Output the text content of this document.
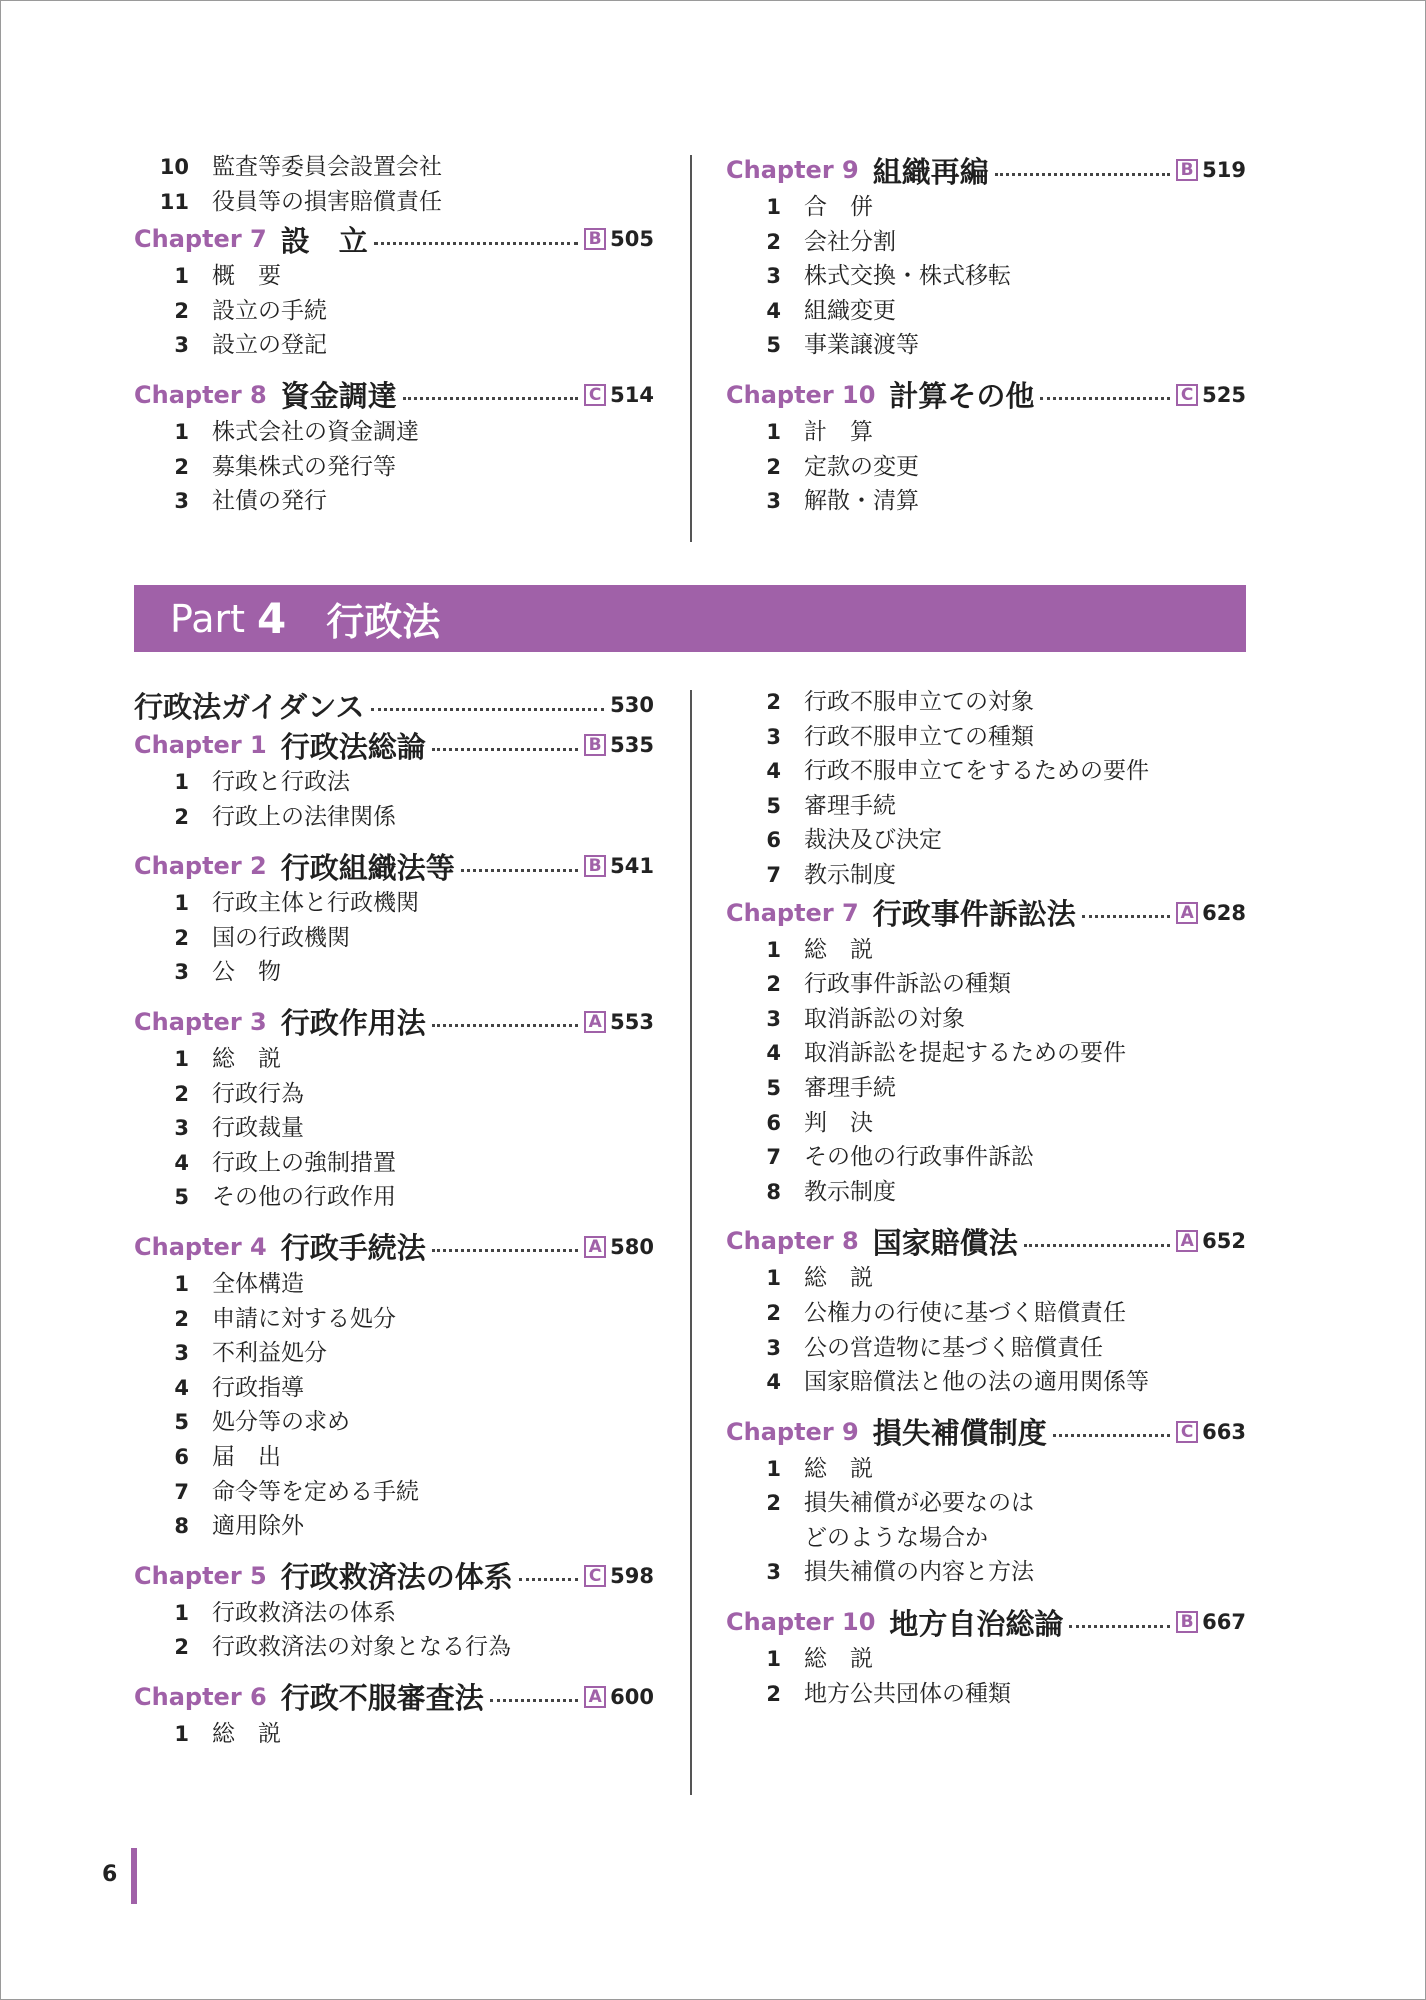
10 監査等委員会設置会社
11 役員等の損害賠償責任
Chapter 7 設　立	B 505
1 概　要
2 設立の手続
3 設立の登記
Chapter 8 資金調達	C 514
1 株式会社の資金調達
2 募集株式の発行等
3 社債の発行
Chapter 9 組織再編	B 519
1 合　併
2 会社分割
3 株式交換・株式移転
4 組織変更
5 事業譲渡等
Chapter 10 計算その他	C 525
1 計　算
2 定款の変更
3 解散・清算
Part 4 行政法
行政法ガイダンス	530
Chapter 1 行政法総論	B 535
1 行政と行政法
2 行政上の法律関係
Chapter 2 行政組織法等	B 541
1 行政主体と行政機関
2 国の行政機関
3 公　物
Chapter 3 行政作用法	A 553
1 総　説
2 行政行為
3 行政裁量
4 行政上の強制措置
5 その他の行政作用
Chapter 4 行政手続法	A 580
1 全体構造
2 申請に対する処分
3 不利益処分
4 行政指導
5 処分等の求め
6 届　出
7 命令等を定める手続
8 適用除外
Chapter 5 行政救済法の体系	C 598
1 行政救済法の体系
2 行政救済法の対象となる行為
Chapter 6 行政不服審査法	A 600
1 総　説
2 行政不服申立ての対象
3 行政不服申立ての種類
4 行政不服申立てをするための要件
5 審理手続
6 裁決及び決定
7 教示制度
Chapter 7 行政事件訴訟法	A 628
1 総　説
2 行政事件訴訟の種類
3 取消訴訟の対象
4 取消訴訟を提起するための要件
5 審理手続
6 判　決
7 その他の行政事件訴訟
8 教示制度
Chapter 8 国家賠償法	A 652
1 総　説
2 公権力の行使に基づく賠償責任
3 公の営造物に基づく賠償責任
4 国家賠償法と他の法の適用関係等
Chapter 9 損失補償制度	C 663
1 総　説
2 損失補償が必要なのは
どのような場合か
3 損失補償の内容と方法
Chapter 10 地方自治総論	B 667
1 総　説
2 地方公共団体の種類
6
